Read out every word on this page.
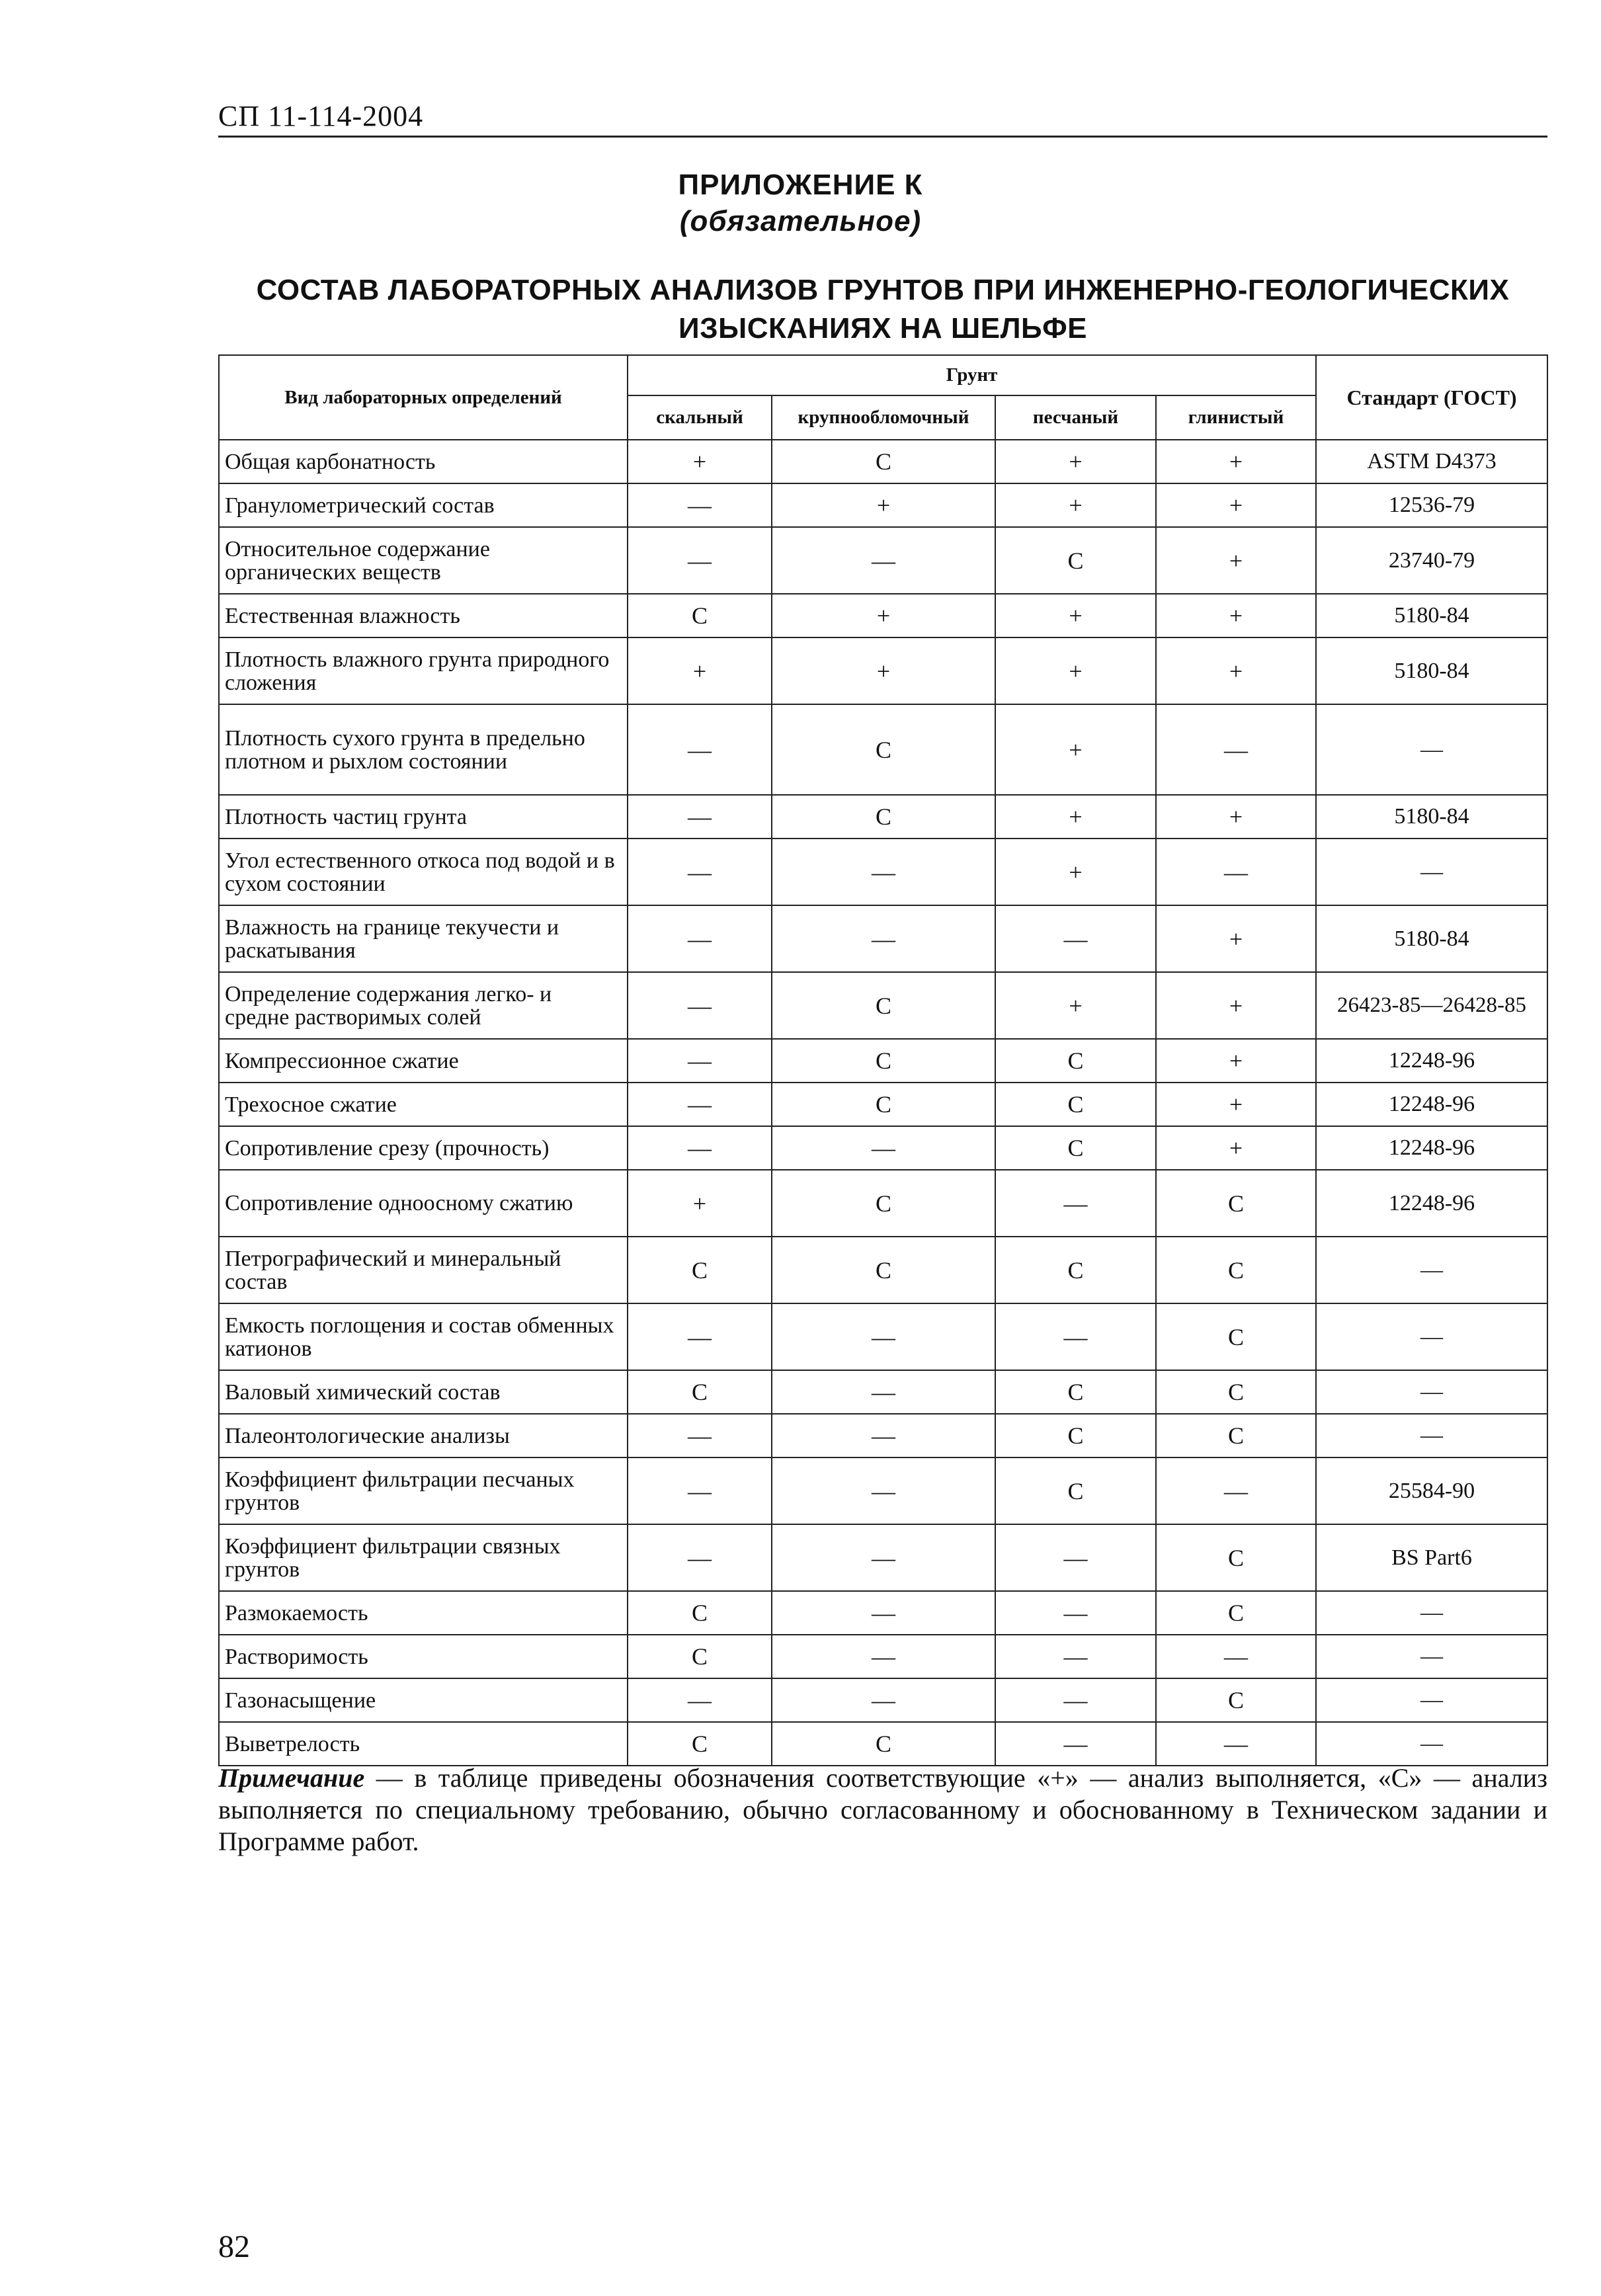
СП 11-114-2004
ПРИЛОЖЕНИЕ К
(обязательное)
СОСТАВ ЛАБОРАТОРНЫХ АНАЛИЗОВ ГРУНТОВ ПРИ ИНЖЕНЕРНО-ГЕОЛОГИЧЕСКИХ
ИЗЫСКАНИЯХ НА ШЕЛЬФЕ
Вид лабораторных определений	Грунт				Стандарт (ГОСТ)
	скальный	крупнообломочный	песчаный	глинистый	
Общая карбонатность	+	С	+	+	ASTM D4373
Гранулометрический состав	—	+	+	+	12536-79
Относительное содержание органических веществ	—	—	С	+	23740-79
Естественная влажность	С	+	+	+	5180-84
Плотность влажного грунта природного сложения	+	+	+	+	5180-84
Плотность сухого грунта в предельно плотном и рыхлом состоянии	—	С	+	—	—
Плотность частиц грунта	—	С	+	+	5180-84
Угол естественного откоса под водой и в сухом состоянии	—	—	+	—	—
Влажность на границе текучести и раскатывания	—	—	—	+	5180-84
Определение содержания легко- и средне растворимых солей	—	С	+	+	26423-85—26428-85
Компрессионное сжатие	—	С	С	+	12248-96
Трехосное сжатие	—	С	С	+	12248-96
Сопротивление срезу (прочность)	—	—	С	+	12248-96
Сопротивление одноосному сжатию	+	С	—	С	12248-96
Петрографический и минеральный состав	С	С	С	С	—
Емкость поглощения и состав обменных катионов	—	—	—	С	—
Валовый химический состав	С	—	С	С	—
Палеонтологические анализы	—	—	С	С	—
Коэффициент фильтрации песчаных грунтов	—	—	С	—	25584-90
Коэффициент фильтрации связных грунтов	—	—	—	С	BS Part6
Размокаемость	С	—	—	С	—
Растворимость	С	—	—	—	—
Газонасыщение	—	—	—	С	—
Выветрелость	С	С	—	—	—
Примечание — в таблице приведены обозначения соответствующие «+» — анализ выполняется, «С» — анализ выполняется по специальному требованию, обычно согласованному и обоснованному в Техническом задании и Программе работ.
82
